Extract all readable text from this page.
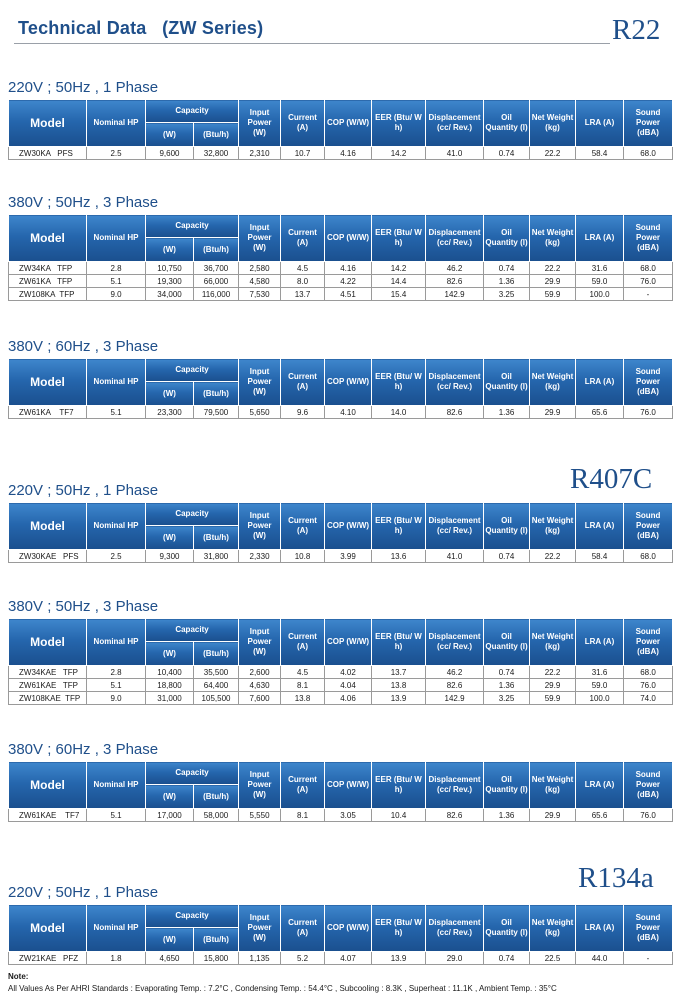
Technical Data   (ZW Series)	R22
R407C
R134a
220V ; 50Hz , 1 Phase
Model	Nominal HP	Capacity		Input Power (W)	Current (A)	COP (W/W)	EER (Btu/ W h)	Displacement (cc/ Rev.)	Oil Quantity (l)	Net Weight (kg)	LRA (A)	Sound Power (dBA)
		(W)	(Btu/h)									
ZW30KA   PFS	2.5	9,600	32,800	2,310	10.7	4.16	14.2	41.0	0.74	22.2	58.4	68.0
380V ; 50Hz , 3 Phase
Model	Nominal HP	Capacity		Input Power (W)	Current (A)	COP (W/W)	EER (Btu/ W h)	Displacement (cc/ Rev.)	Oil Quantity (l)	Net Weight (kg)	LRA (A)	Sound Power (dBA)
		(W)	(Btu/h)									
ZW34KA   TFP	2.8	10,750	36,700	2,580	4.5	4.16	14.2	46.2	0.74	22.2	31.6	68.0
ZW61KA   TFP	5.1	19,300	66,000	4,580	8.0	4.22	14.4	82.6	1.36	29.9	59.0	76.0
ZW108KA  TFP	9.0	34,000	116,000	7,530	13.7	4.51	15.4	142.9	3.25	59.9	100.0	-
380V ; 60Hz , 3 Phase
Model	Nominal HP	Capacity		Input Power (W)	Current (A)	COP (W/W)	EER (Btu/ W h)	Displacement (cc/ Rev.)	Oil Quantity (l)	Net Weight (kg)	LRA (A)	Sound Power (dBA)
		(W)	(Btu/h)									
ZW61KA    TF7	5.1	23,300	79,500	5,650	9.6	4.10	14.0	82.6	1.36	29.9	65.6	76.0
220V ; 50Hz , 1 Phase
Model	Nominal HP	Capacity		Input Power (W)	Current (A)	COP (W/W)	EER (Btu/ W h)	Displacement (cc/ Rev.)	Oil Quantity (l)	Net Weight (kg)	LRA (A)	Sound Power (dBA)
		(W)	(Btu/h)									
ZW30KAE   PFS	2.5	9,300	31,800	2,330	10.8	3.99	13.6	41.0	0.74	22.2	58.4	68.0
380V ; 50Hz , 3 Phase
Model	Nominal HP	Capacity		Input Power (W)	Current (A)	COP (W/W)	EER (Btu/ W h)	Displacement (cc/ Rev.)	Oil Quantity (l)	Net Weight (kg)	LRA (A)	Sound Power (dBA)
		(W)	(Btu/h)									
ZW34KAE   TFP	2.8	10,400	35,500	2,600	4.5	4.02	13.7	46.2	0.74	22.2	31.6	68.0
ZW61KAE   TFP	5.1	18,800	64,400	4,630	8.1	4.04	13.8	82.6	1.36	29.9	59.0	76.0
ZW108KAE  TFP	9.0	31,000	105,500	7,600	13.8	4.06	13.9	142.9	3.25	59.9	100.0	74.0
380V ; 60Hz , 3 Phase
Model	Nominal HP	Capacity		Input Power (W)	Current (A)	COP (W/W)	EER (Btu/ W h)	Displacement (cc/ Rev.)	Oil Quantity (l)	Net Weight (kg)	LRA (A)	Sound Power (dBA)
		(W)	(Btu/h)									
ZW61KAE    TF7	5.1	17,000	58,000	5,550	8.1	3.05	10.4	82.6	1.36	29.9	65.6	76.0
220V ; 50Hz , 1 Phase
Model	Nominal HP	Capacity		Input Power (W)	Current (A)	COP (W/W)	EER (Btu/ W h)	Displacement (cc/ Rev.)	Oil Quantity (l)	Net Weight (kg)	LRA (A)	Sound Power (dBA)
		(W)	(Btu/h)									
ZW21KAE   PFZ	1.8	4,650	15,800	1,135	5.2	4.07	13.9	29.0	0.74	22.5	44.0	-
Note:
All Values As Per AHRI Standards : Evaporating Temp. : 7.2°C , Condensing Temp. : 54.4°C , Subcooling : 8.3K , Superheat : 11.1K , Ambient Temp. : 35°C
